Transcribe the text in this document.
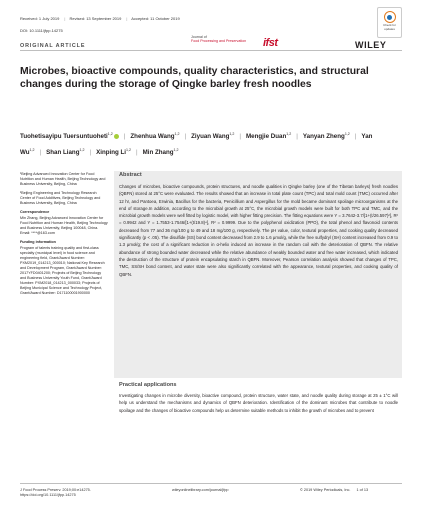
Received: 1 July 2019 | Revised: 13 September 2019 | Accepted: 11 October 2019
DOI: 10.1111/jfpp.14275
ORIGINAL ARTICLE
Check for
updates
Journal of
Food Processing and Preservation	ifst	WILEY
Microbes, bioactive compounds, quality characteristics, and structural changes during the storage of Qingke barley fresh noodles
Tuohetisayipu Tuersuntuoheti$^{1,2}$ | Zhenhua Wang$^{1,2}$ | Ziyuan Wang$^{1,2}$ | Mengjie Duan$^{1,2}$ | Yanyan Zheng$^{1,2}$ | Yan Wu$^{1,2}$ | Shan Liang$^{1,2}$ | Xinping Li$^{1,2}$ | Min Zhang$^{1,2}$

¹Beijing Advanced Innovation Center for Food Nutrition and Human Health, Beijing Technology and Business University, Beijing, China

²Beijing Engineering and Technology Research Center of Food Additives, Beijing Technology and Business University, Beijing, China

Correspondence

Min Zhang, Beijing Advanced Innovation Center for Food Nutrition and Human Health, Beijing Technology and Business University, Beijing 100048, China.

Email: ****@163.com

Funding information

Program of talents training quality and first-class specialty (municipal level) in food science and engineering field, Grant/Award Number: PXM2019_014213_000010; National Key Research and Development Program, Grant/Award Number: 2017YFD0401200; Projects of Beijing Technology and Business University Youth Fund, Grant/Award Number: PXM2018_014213_000033; Projects of Beijing Municipal Science and Technology Project, Grant/Award Number: D171100001900000

Abstract
Changes of microbes, bioactive compounds, protein structures, and noodle qualities in Qingke barley (one of the Tibetan barleys) fresh noodles (QBFN) stored at 25°C were evaluated. The results showed that an increase in total plate count (TPC) and total mold count (TMC) occurred after 12 hr, and Pantoea, Erwinia, Bacillus for the bacteria, Penicillium and Aspergillus for the mold became dominant spoilage microorganisms at the end of storage.In addition, according to the microbial growth at 25°C, the microbial growth models were built for both TPC and TMC, and the microbial growth models were well fitted by logistic model, with higher fitting precision. The fitting equations were Y = 3.7642-3.7/[1+(t/26.597)²], R² = 0.9942 and Y = 1.7553-1.7546/[1+(t/19.8)⁴], R² = 0.9999. Due to the polyphenol oxidization (PPO), the total phenol and flavonoid contents decreased from 77 and 36 mg/100 g to 49 and 18 mg/100 g, respectively. The pH value, color, textural properties, and cooking quality decreased significantly (p < .05). The disulfide (SS) bond content decreased from 2.9 to 1.6 μmol/g, while the free sulfydryl (SH) content increased from 0.9 to 1.3 μmol/g; the cost of a significant reduction in α-helix induced an increase in the random coil with the deterioration of QBFN. The relative abundance of strong bounded water decreased while the relative abundance of weakly bounded water and free water increased, which indicated the destruction of the structure of protein encapsulating starch in QBFN. Moreover, Pearson correlation analysis showed that changes of TPC, TMC, SS/SH bond content, and water state were also significantly correlated with the appearance, textural properties, and cooking quality of QBFN.
Practical applications
Investigating changes in microbe diversity, bioactive compound, protein structure, water state, and noodle quality during storage at 25 ± 1°C will help us understand the mechanisms and dynamics of QBFN deterioration. Identification of the dominant microbes that contribute to noodle spoilage and the changes of bioactive compounds help us determine suitable methods to inhibit the growth of microbes and to prevent
J Food Process Preserv. 2019;00:e14275.
https://doi.org/10.1111/jfpp.14275
wileyonlinelibrary.com/journal/jfpp	© 2019 Wiley Periodicals, Inc. 1 of 13
